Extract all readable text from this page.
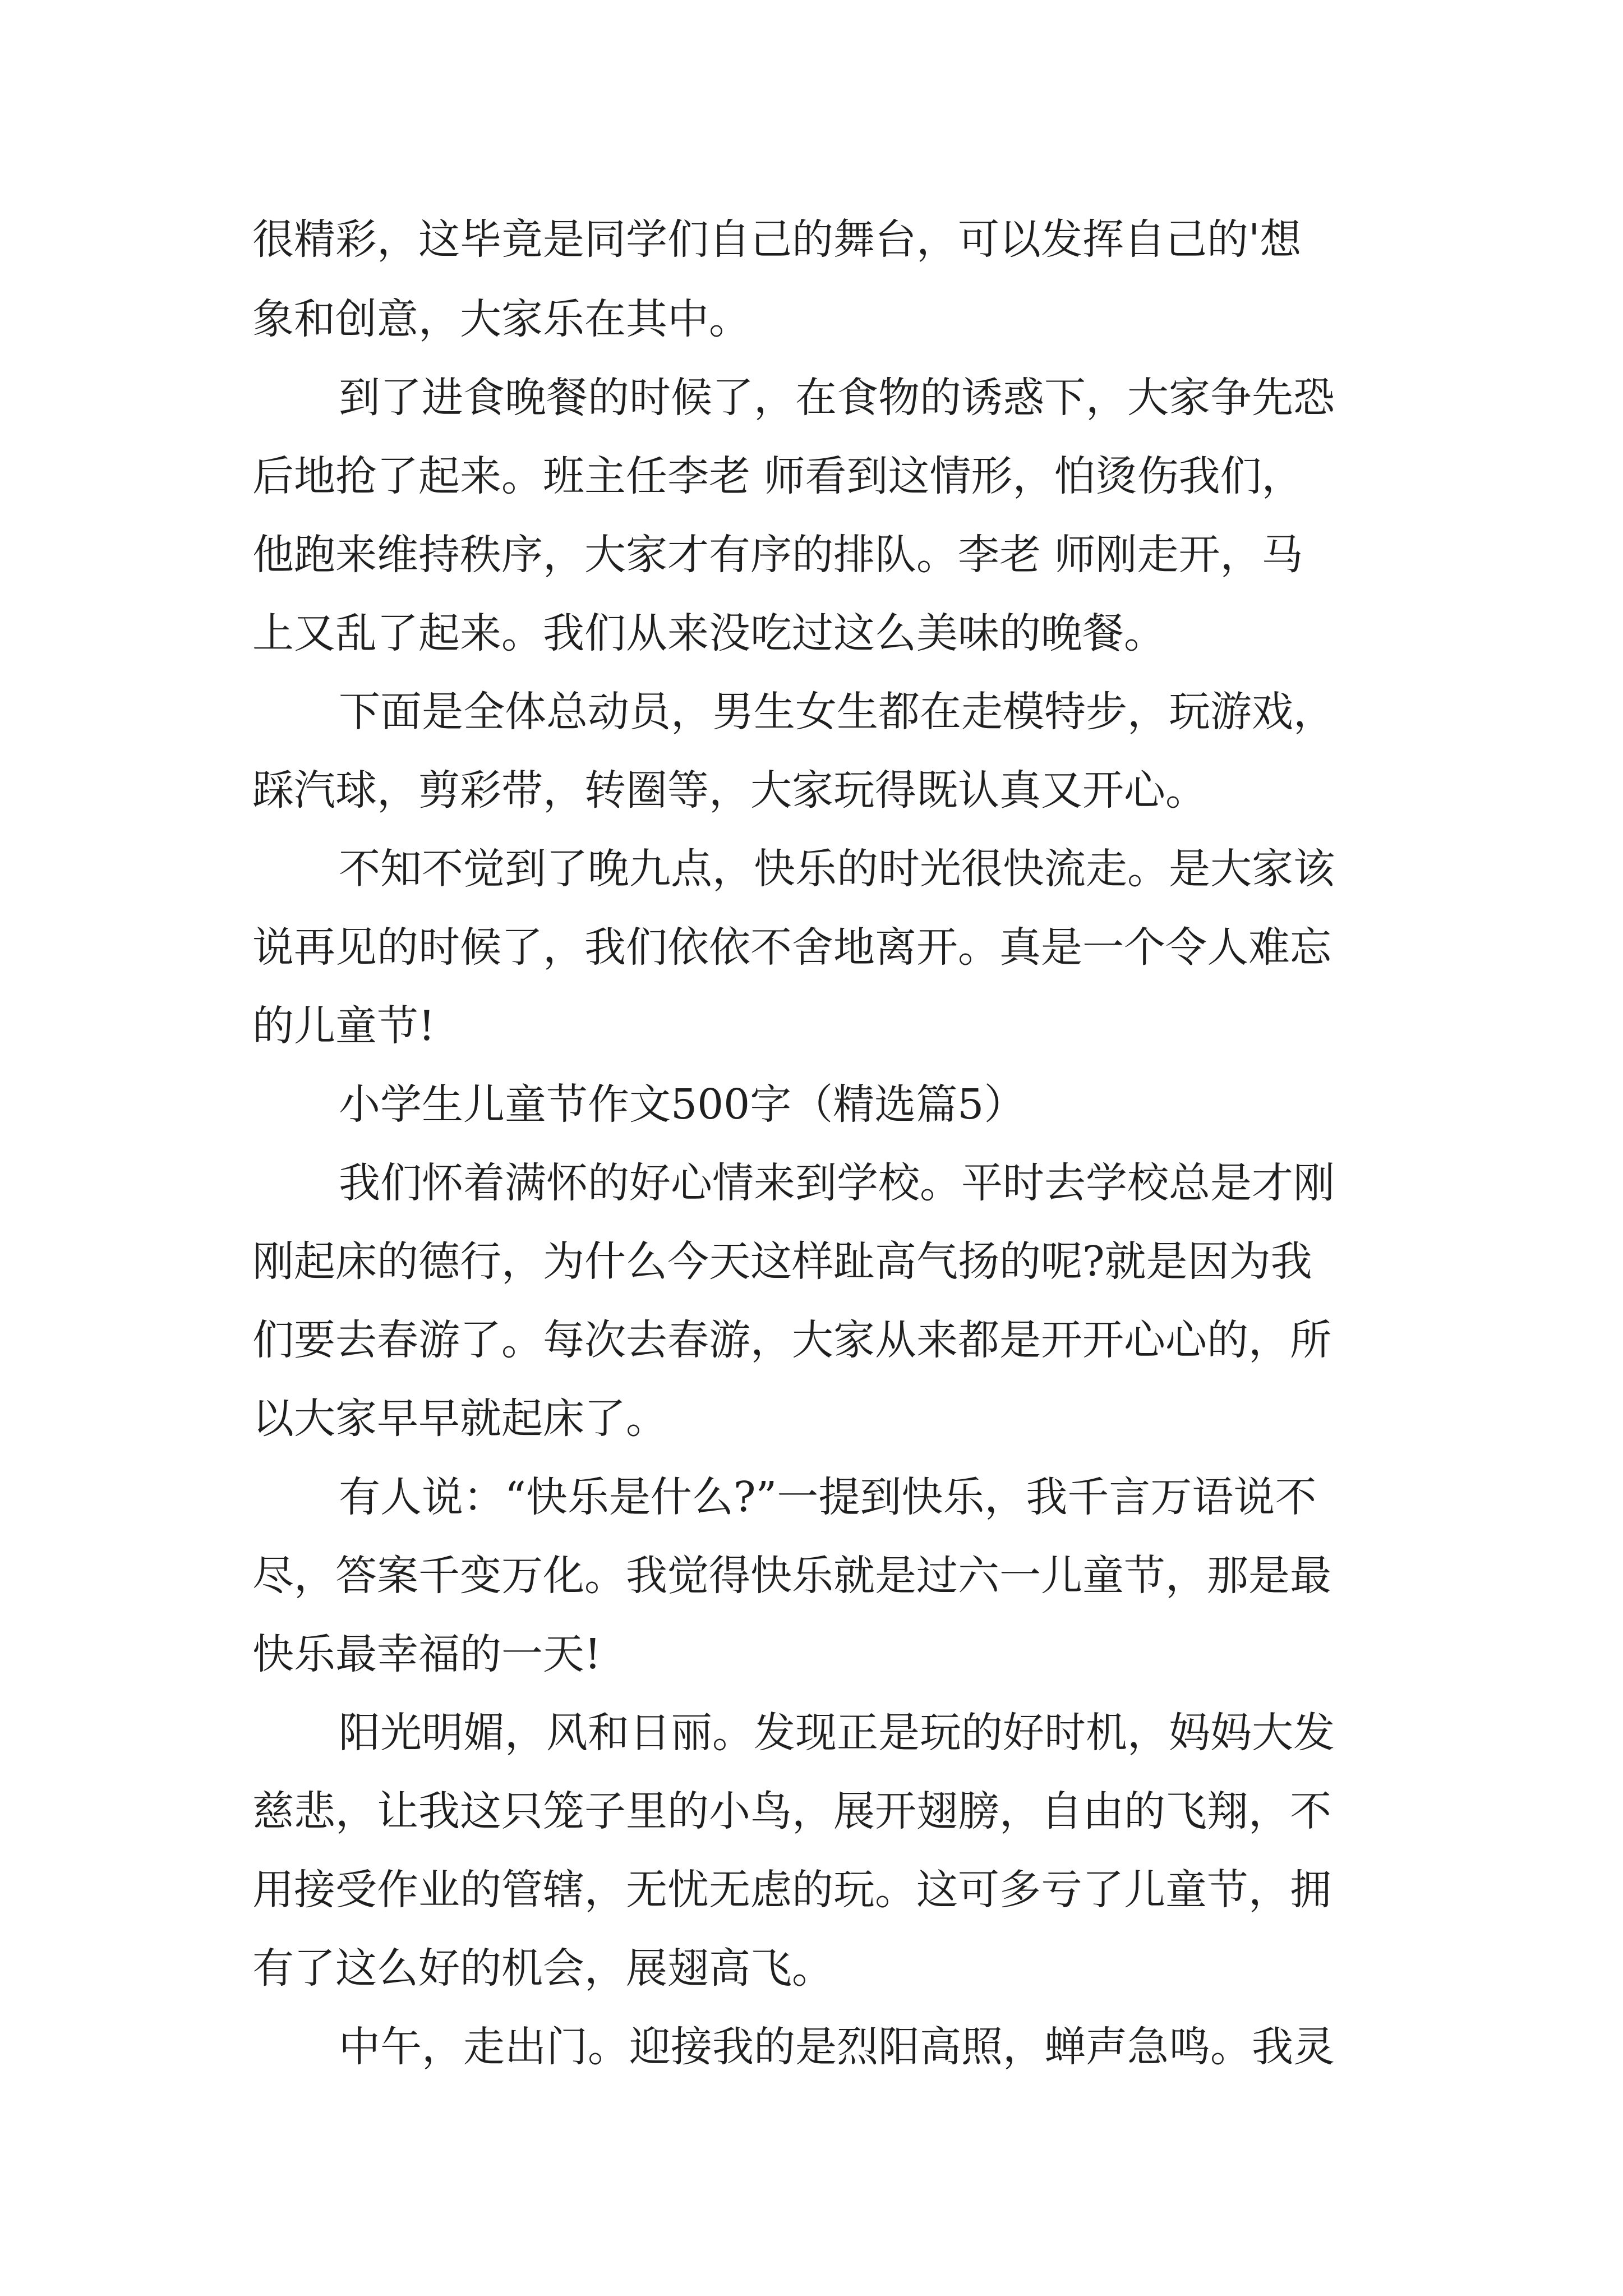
很精彩，这毕竟是同学们自己的舞台，可以发挥自己的'想
象和创意，大家乐在其中。
到了进食晚餐的时候了，在食物的诱惑下，大家争先恐
后地抢了起来。班主任李老 师看到这情形，怕烫伤我们，
他跑来维持秩序，大家才有序的排队。李老 师刚走开，马
上又乱了起来。我们从来没吃过这么美味的晚餐。
下面是全体总动员，男生女生都在走模特步，玩游戏，
踩汽球，剪彩带，转圈等，大家玩得既认真又开心。
不知不觉到了晚九点，快乐的时光很快流走。是大家该
说再见的时候了，我们依依不舍地离开。真是一个令人难忘
的儿童节!
小学生儿童节作文500字（精选篇5）
我们怀着满怀的好心情来到学校。平时去学校总是才刚
刚起床的德行，为什么今天这样趾高气扬的呢?就是因为我
们要去春游了。每次去春游，大家从来都是开开心心的，所
以大家早早就起床了。
有人说：“快乐是什么?”一提到快乐，我千言万语说不
尽，答案千变万化。我觉得快乐就是过六一儿童节，那是最
快乐最幸福的一天!
阳光明媚，风和日丽。发现正是玩的好时机，妈妈大发
慈悲，让我这只笼子里的小鸟，展开翅膀，自由的飞翔，不
用接受作业的管辖，无忧无虑的玩。这可多亏了儿童节，拥
有了这么好的机会，展翅高飞。
中午，走出门。迎接我的是烈阳高照，蝉声急鸣。我灵
